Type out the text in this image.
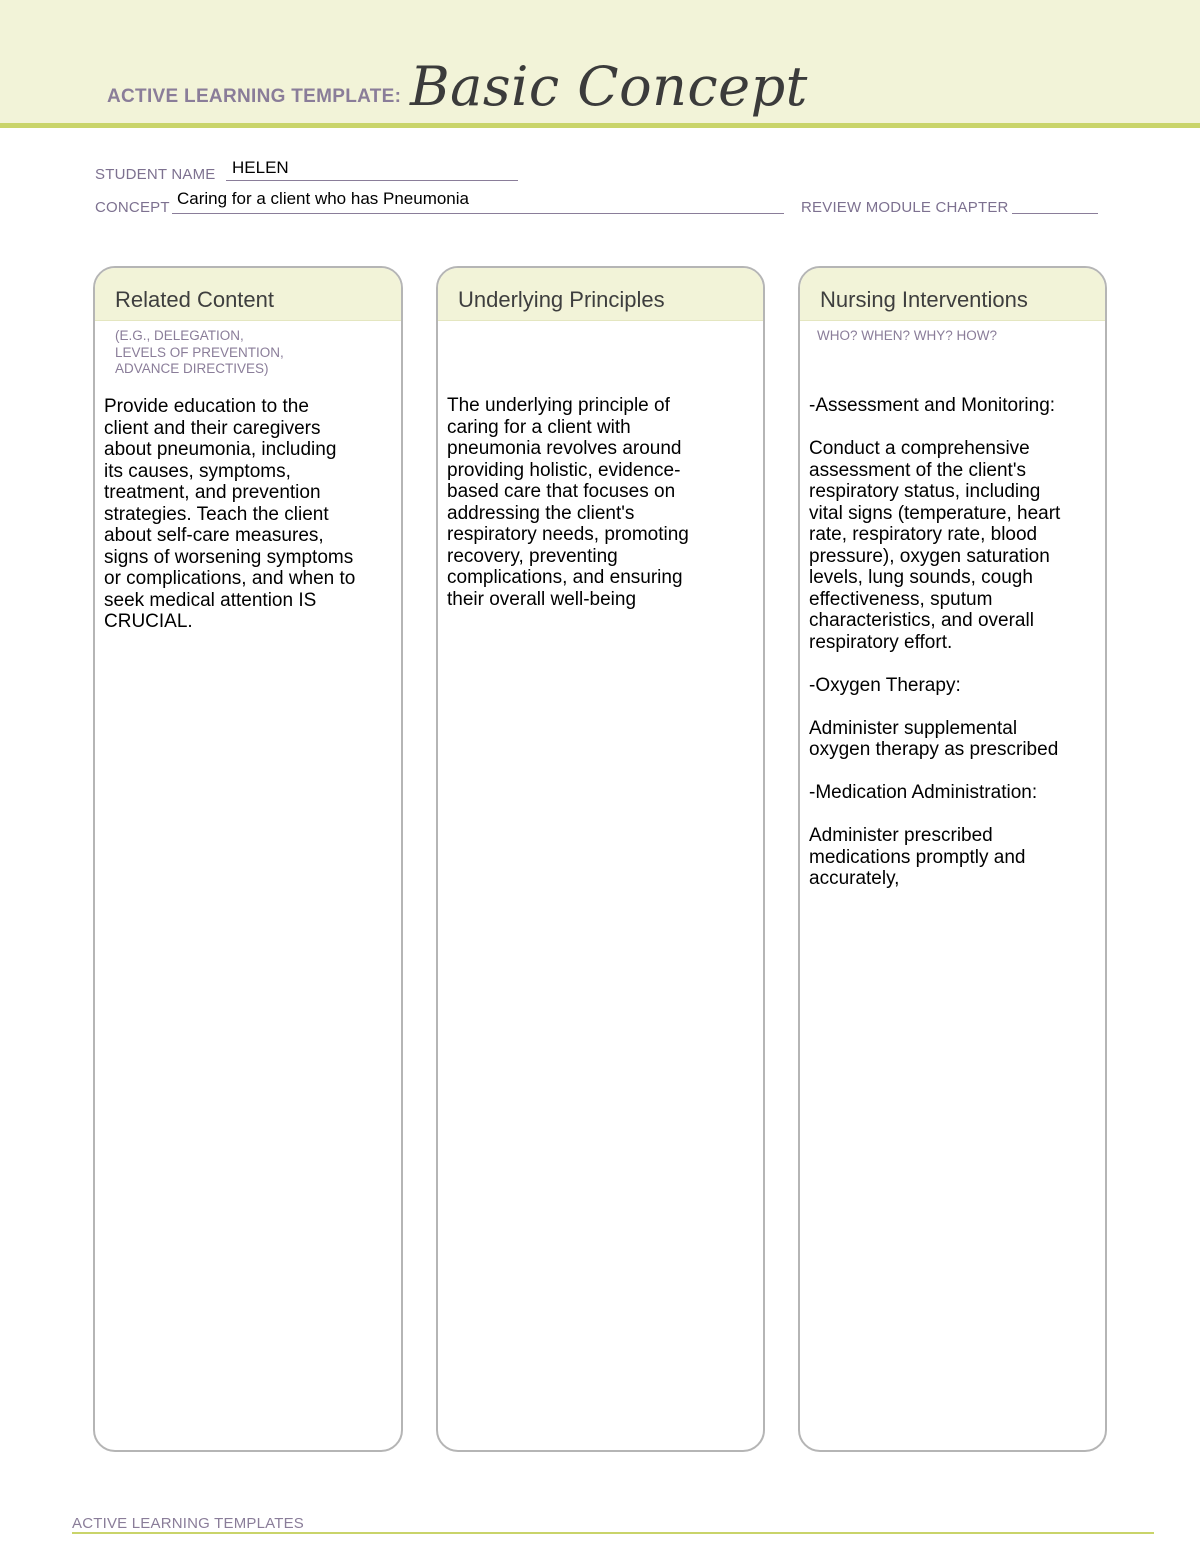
ACTIVE LEARNING TEMPLATE: Basic Concept
STUDENT NAME HELEN
CONCEPT Caring for a client who has Pneumonia	REVIEW MODULE CHAPTER
Related Content
(E.G., DELEGATION,
LEVELS OF PREVENTION,
ADVANCE DIRECTIVES)
Provide education to the
client and their caregivers
about pneumonia, including
its causes, symptoms,
treatment, and prevention
strategies. Teach the client
about self-care measures,
signs of worsening symptoms
or complications, and when to
seek medical attention IS
CRUCIAL.
Underlying Principles
The underlying principle of
caring for a client with
pneumonia revolves around
providing holistic, evidence-
based care that focuses on
addressing the client's
respiratory needs, promoting
recovery, preventing
complications, and ensuring
their overall well-being
Nursing Interventions
WHO? WHEN? WHY? HOW?
-Assessment and Monitoring:

Conduct a comprehensive
assessment of the client's
respiratory status, including
vital signs (temperature, heart
rate, respiratory rate, blood
pressure), oxygen saturation
levels, lung sounds, cough
effectiveness, sputum
characteristics, and overall
respiratory effort.

-Oxygen Therapy:

Administer supplemental
oxygen therapy as prescribed

-Medication Administration:

Administer prescribed
medications promptly and
accurately,
ACTIVE LEARNING TEMPLATES
